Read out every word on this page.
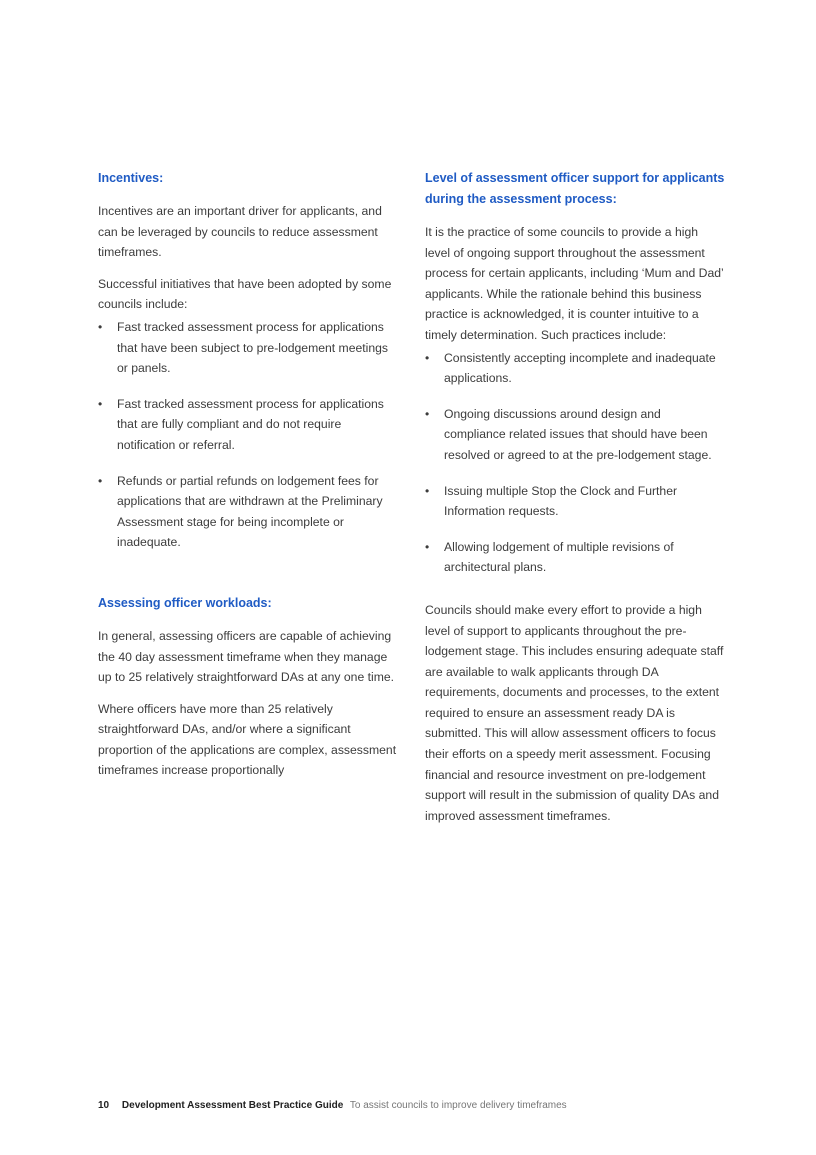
Incentives:

Incentives are an important driver for applicants, and can be leveraged by councils to reduce assessment timeframes.

Successful initiatives that have been adopted by some councils include:

• Fast tracked assessment process for applications that have been subject to pre-lodgement meetings or panels.
• Fast tracked assessment process for applications that are fully compliant and do not require notification or referral.
• Refunds or partial refunds on lodgement fees for applications that are withdrawn at the Preliminary Assessment stage for being incomplete or inadequate.
Assessing officer workloads:

In general, assessing officers are capable of achieving the 40 day assessment timeframe when they manage up to 25 relatively straightforward DAs at any one time.

Where officers have more than 25 relatively straightforward DAs, and/or where a significant proportion of the applications are complex, assessment timeframes increase proportionally

Level of assessment officer support for applicants during the assessment process:

It is the practice of some councils to provide a high level of ongoing support throughout the assessment process for certain applicants, including ‘Mum and Dad’ applicants. While the rationale behind this business practice is acknowledged, it is counter intuitive to a timely determination. Such practices include:

• Consistently accepting incomplete and inadequate applications.
• Ongoing discussions around design and compliance related issues that should have been resolved or agreed to at the pre-lodgement stage.
• Issuing multiple Stop the Clock and Further Information requests.
• Allowing lodgement of multiple revisions of architectural plans.

Councils should make every effort to provide a high level of support to applicants throughout the pre-lodgement stage. This includes ensuring adequate staff are available to walk applicants through DA requirements, documents and processes, to the extent required to ensure an assessment ready DA is submitted. This will allow assessment officers to focus their efforts on a speedy merit assessment. Focusing financial and resource investment on pre-lodgement support will result in the submission of quality DAs and improved assessment timeframes.

10 Development Assessment Best Practice Guide To assist councils to improve delivery timeframes
